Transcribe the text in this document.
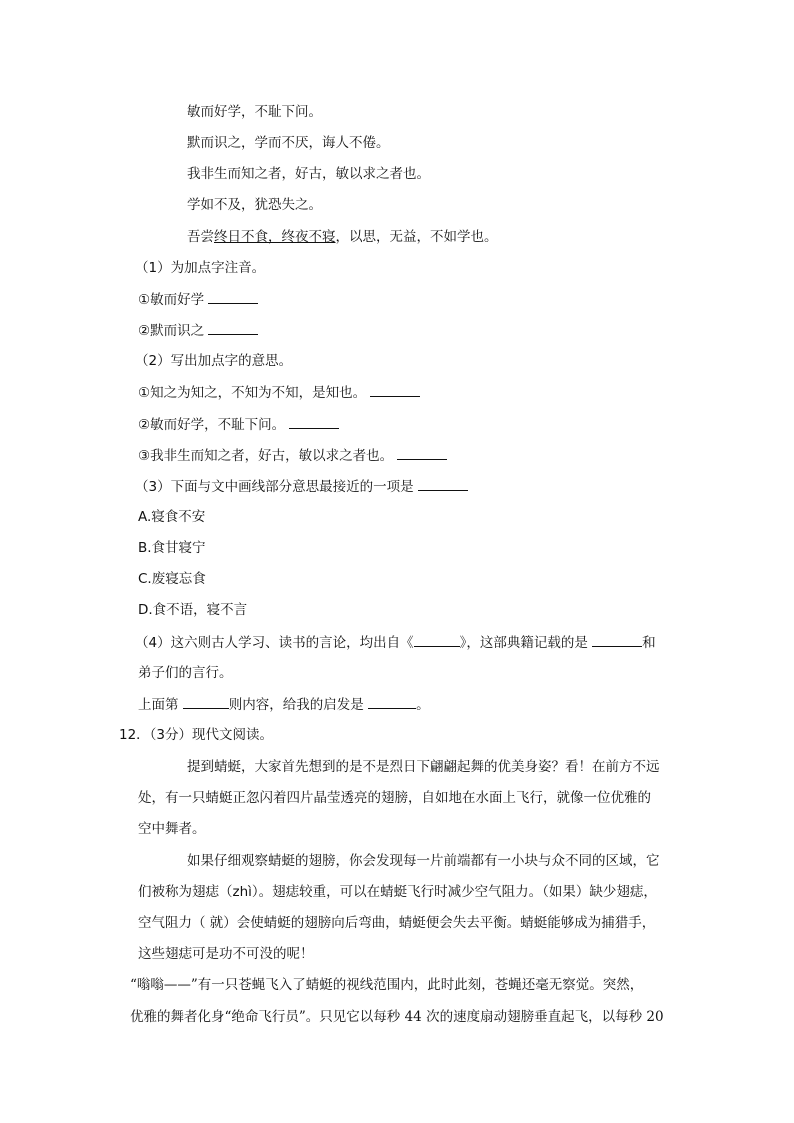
敏而好学，不耻下问。
默而识之，学而不厌，诲人不倦。
我非生而知之者，好古，敏以求之者也。
学如不及，犹恐失之。
吾尝终日不食，终夜不寝，以思，无益，不如学也。
（1）为加点字注音。
①敏而好学
②默而识之
（2）写出加点字的意思。
①知之为知之，不知为不知，是知也。
②敏而好学，不耻下问。
③我非生而知之者，好古，敏以求之者也。
（3）下面与文中画线部分意思最接近的一项是
A.寝食不安
B.食甘寝宁
C.废寝忘食
D.食不语，寝不言
（4）这六则古人学习、读书的言论，均出自《	》，这部典籍记载的是	和
弟子们的言行。
上面第	则内容，给我的启发是	。
12．（3分）现代文阅读。
提到蜻蜓，大家首先想到的是不是烈日下翩翩起舞的优美身姿？看！在前方不远
处，有一只蜻蜓正忽闪着四片晶莹透亮的翅膀，自如地在水面上飞行，就像一位优雅的
空中舞者。
如果仔细观察蜻蜓的翅膀，你会发现每一片前端都有一小块与众不同的区域，它
们被称为翅痣（zhì）。翅痣较重，可以在蜻蜓飞行时减少空气阻力。（如果）缺少翅痣，
空气阻力（ 就）会使蜻蜓的翅膀向后弯曲，蜻蜓便会失去平衡。蜻蜓能够成为捕猎手，
这些翅痣可是功不可没的呢！
“嗡嗡——”有一只苍蝇飞入了蜻蜓的视线范围内，此时此刻，苍蝇还毫无察觉。突然，
优雅的舞者化身“绝命飞行员”。只见它以每秒 44 次的速度扇动翅膀垂直起飞，以每秒 20
